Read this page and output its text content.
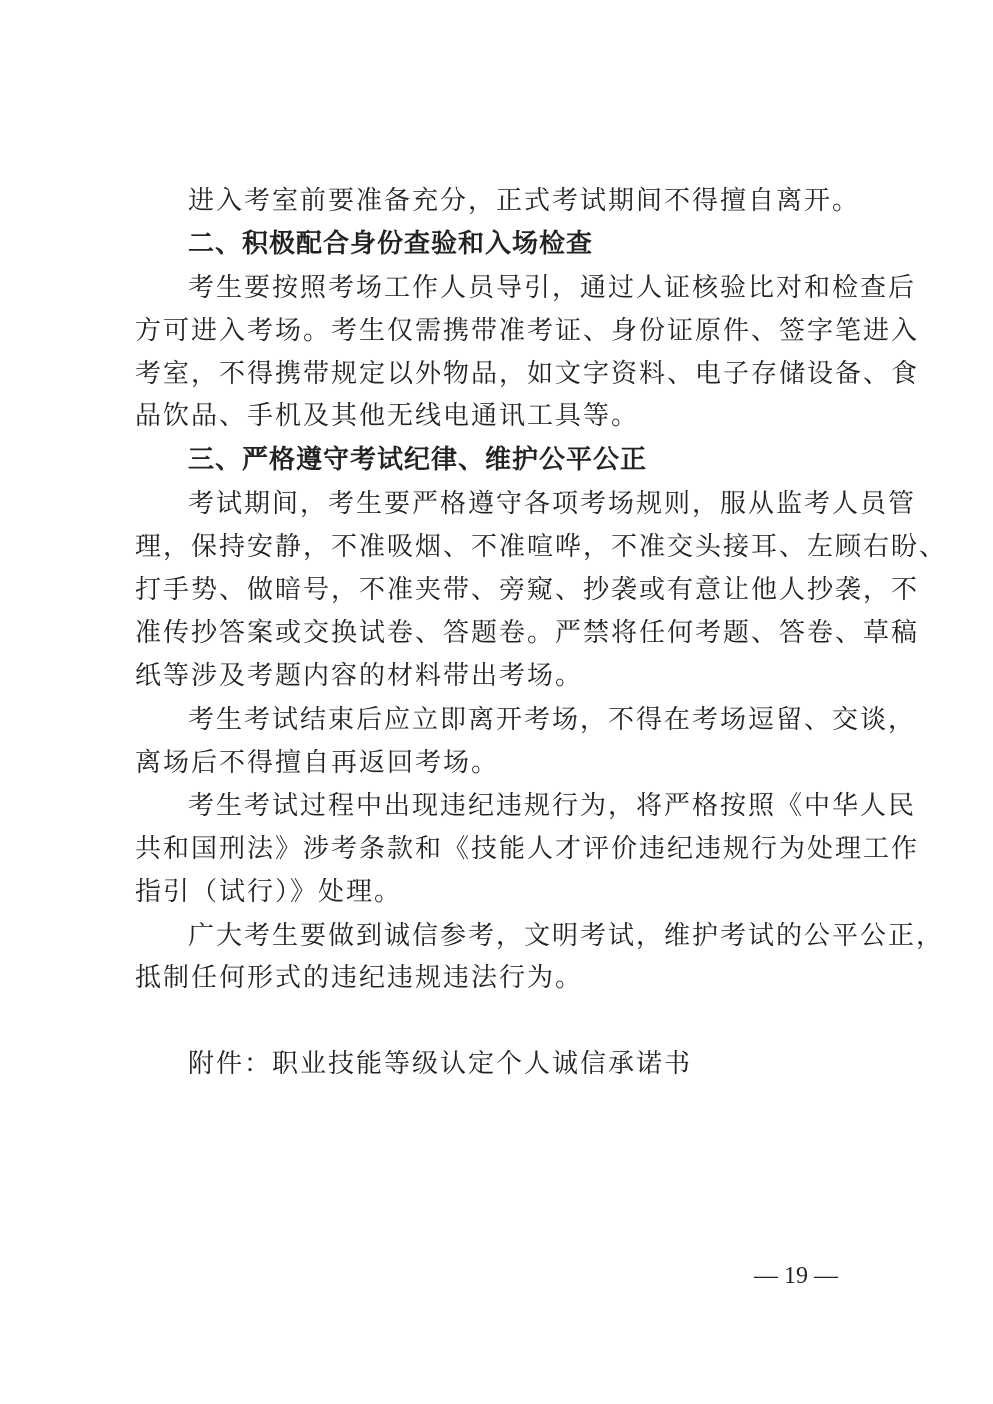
进入考室前要准备充分，正式考试期间不得擅自离开。
二、积极配合身份查验和入场检查
考生要按照考场工作人员导引，通过人证核验比对和检查后
方可进入考场。考生仅需携带准考证、身份证原件、签字笔进入
考室，不得携带规定以外物品，如文字资料、电子存储设备、食
品饮品、手机及其他无线电通讯工具等。
三、严格遵守考试纪律、维护公平公正
考试期间，考生要严格遵守各项考场规则，服从监考人员管
理，保持安静，不准吸烟、不准喧哗，不准交头接耳、左顾右盼、
打手势、做暗号，不准夹带、旁窥、抄袭或有意让他人抄袭，不
准传抄答案或交换试卷、答题卷。严禁将任何考题、答卷、草稿
纸等涉及考题内容的材料带出考场。
考生考试结束后应立即离开考场，不得在考场逗留、交谈，
离场后不得擅自再返回考场。
考生考试过程中出现违纪违规行为，将严格按照《中华人民
共和国刑法》涉考条款和《技能人才评价违纪违规行为处理工作
指引（试行）》处理。
广大考生要做到诚信参考，文明考试，维护考试的公平公正，
抵制任何形式的违纪违规违法行为。
附件：职业技能等级认定个人诚信承诺书
— 19 —
